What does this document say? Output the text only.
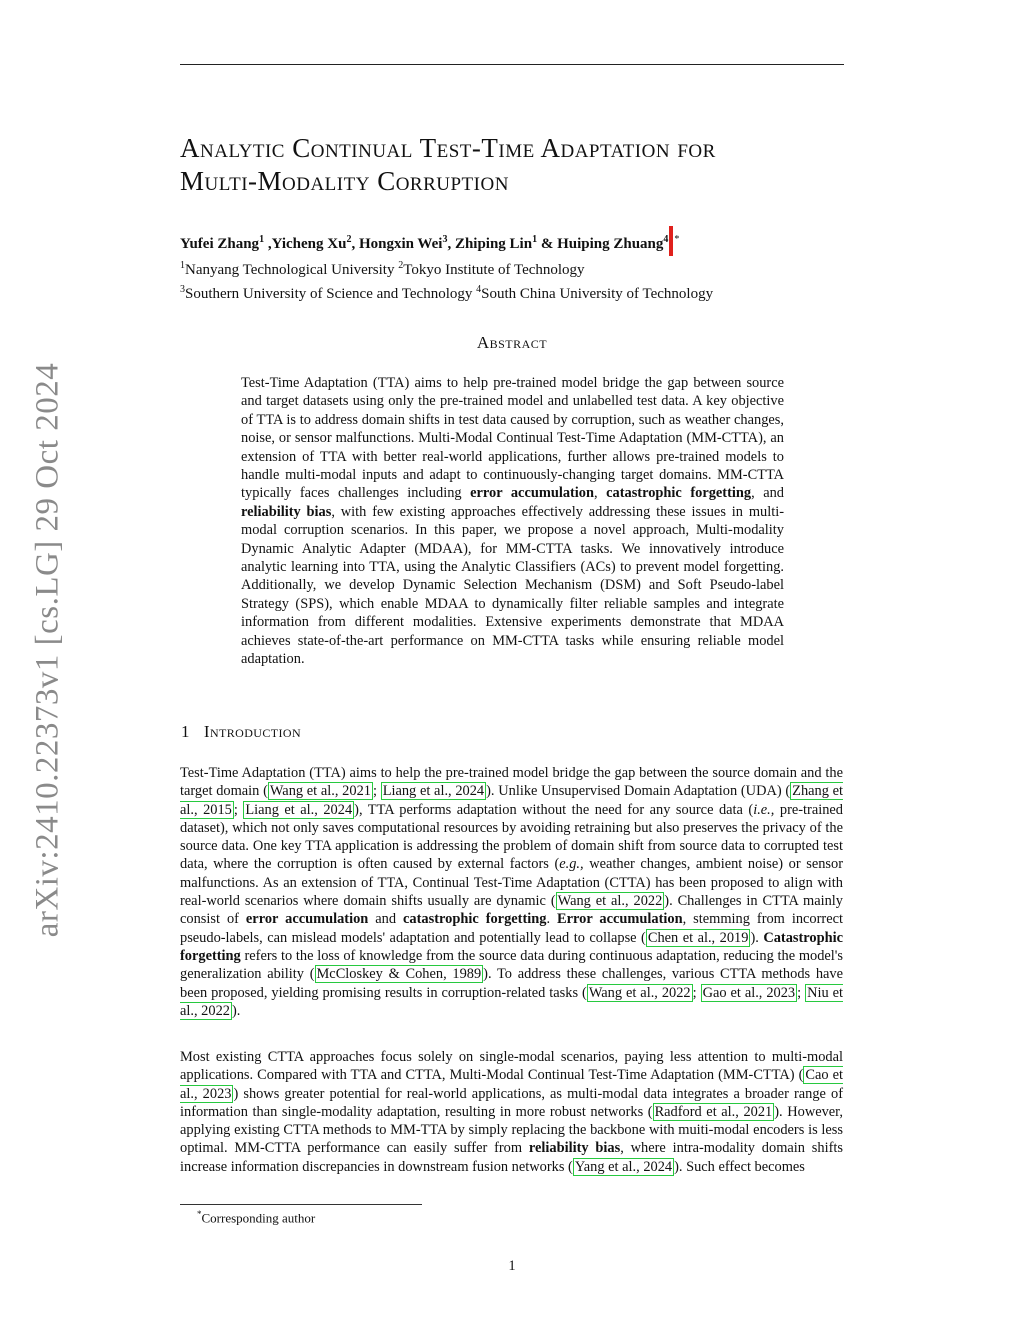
arXiv:2410.22373v1 [cs.LG] 29 Oct 2024
Analytic Continual Test-Time Adaptation for
Multi-Modality Corruption
Yufei Zhang$^1$ ,Yicheng Xu$^2$, Hongxin Wei$^3$, Zhiping Lin$^1$ & Huiping Zhuang$^4$ *
$^1$Nanyang Technological University $^2$Tokyo Institute of Technology
$^3$Southern University of Science and Technology $^4$South China University of Technology
Abstract

Test-Time Adaptation (TTA) aims to help pre-trained model bridge the gap between source and target datasets using only the pre-trained model and unlabelled test data. A key objective of TTA is to address domain shifts in test data caused by corruption, such as weather changes, noise, or sensor malfunctions. Multi-Modal Continual Test-Time Adaptation (MM-CTTA), an extension of TTA with better real-world applications, further allows pre-trained models to handle multi-modal inputs and adapt to continuously-changing target domains. MM-CTTA typically faces challenges including error accumulation, catastrophic forgetting, and reliability bias, with few existing approaches effectively addressing these issues in multi-modal corruption scenarios. In this paper, we propose a novel approach, Multi-modality Dynamic Analytic Adapter (MDAA), for MM-CTTA tasks. We innovatively introduce analytic learning into TTA, using the Analytic Classifiers (ACs) to prevent model forgetting. Additionally, we develop Dynamic Selection Mechanism (DSM) and Soft Pseudo-label Strategy (SPS), which enable MDAA to dynamically filter reliable samples and integrate information from different modalities. Extensive experiments demonstrate that MDAA achieves state-of-the-art performance on MM-CTTA tasks while ensuring reliable model adaptation.

1 Introduction

Test-Time Adaptation (TTA) aims to help the pre-trained model bridge the gap between the source domain and the target domain ( Wang et al., 2021 ; Liang et al., 2024 ). Unlike Unsupervised Domain Adaptation (UDA) ( Zhang et al., 2015 ; Liang et al., 2024 ), TTA performs adaptation without the need for any source data (i.e., pre-trained dataset), which not only saves computational resources by avoiding retraining but also preserves the privacy of the source data. One key TTA application is addressing the problem of domain shift from source data to corrupted test data, where the corruption is often caused by external factors (e.g., weather changes, ambient noise) or sensor malfunctions. As an extension of TTA, Continual Test-Time Adaptation (CTTA) has been proposed to align with real-world scenarios where domain shifts usually are dynamic ( Wang et al., 2022 ). Challenges in CTTA mainly consist of error accumulation and catastrophic forgetting. Error accumulation, stemming from incorrect pseudo-labels, can mislead models' adaptation and potentially lead to collapse ( Chen et al., 2019 ). Catastrophic forgetting refers to the loss of knowledge from the source data during continuous adaptation, reducing the model's generalization ability ( McCloskey & Cohen, 1989 ). To address these challenges, various CTTA methods have been proposed, yielding promising results in corruption-related tasks ( Wang et al., 2022 ; Gao et al., 2023 ; Niu et al., 2022 ).

Most existing CTTA approaches focus solely on single-modal scenarios, paying less attention to multi-modal applications. Compared with TTA and CTTA, Multi-Modal Continual Test-Time Adaptation (MM-CTTA) ( Cao et al., 2023 ) shows greater potential for real-world applications, as multi-modal data integrates a broader range of information than single-modality adaptation, resulting in more robust networks ( Radford et al., 2021 ). However, applying existing CTTA methods to MM-TTA by simply replacing the backbone with muiti-modal encoders is less optimal. MM-CTTA performance can easily suffer from reliability bias, where intra-modality domain shifts increase information discrepancies in downstream fusion networks ( Yang et al., 2024 ). Such effect becomes

*Corresponding author
1
